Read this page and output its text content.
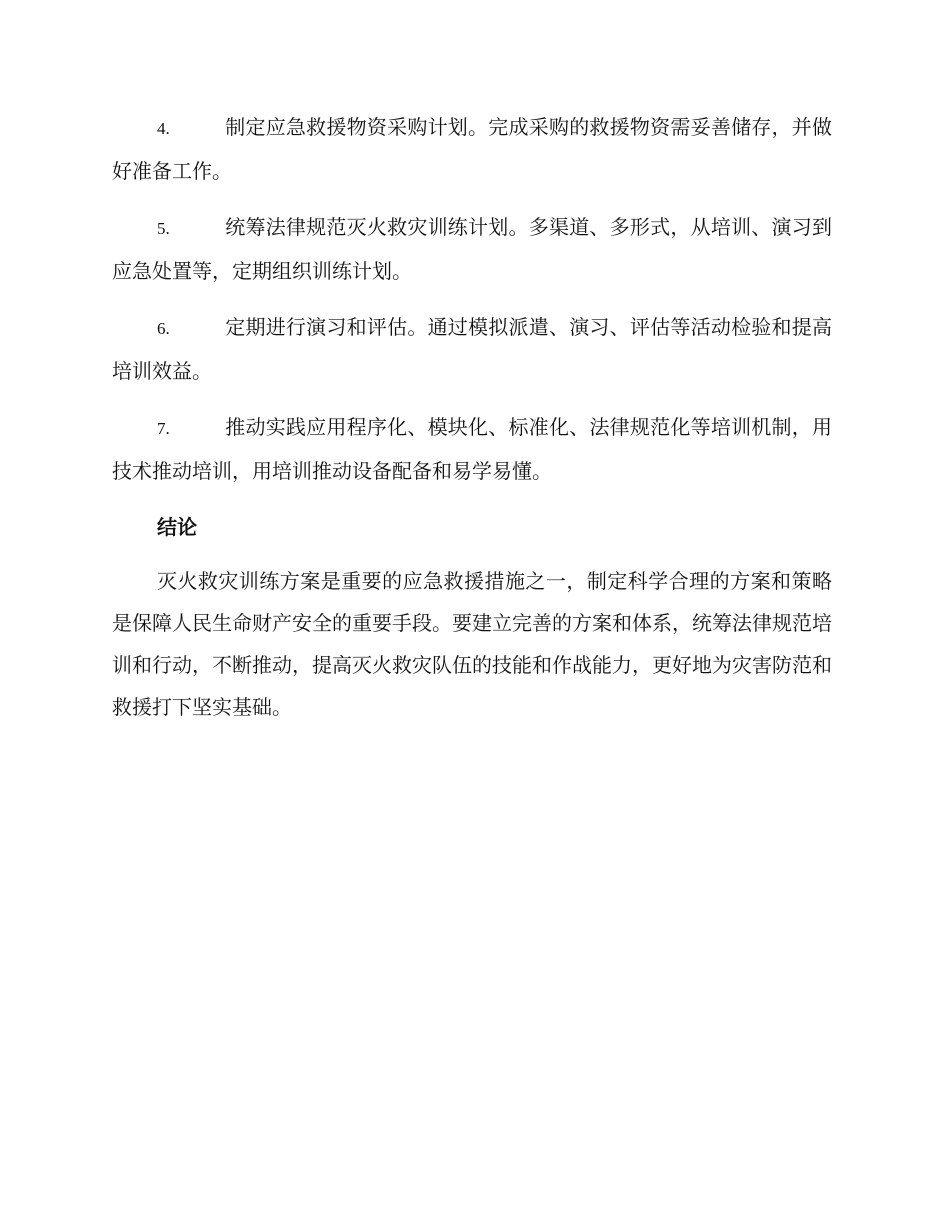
4.	制定应急救援物资采购计划。完成采购的救援物资需妥善储存，并做好准备工作。

5.	统筹法律规范灭火救灾训练计划。多渠道、多形式，从培训、演习到应急处置等，定期组织训练计划。

6.	定期进行演习和评估。通过模拟派遣、演习、评估等活动检验和提高培训效益。

7.	推动实践应用程序化、模块化、标准化、法律规范化等培训机制，用技术推动培训，用培训推动设备配备和易学易懂。

结论

灭火救灾训练方案是重要的应急救援措施之一，制定科学合理的方案和策略是保障人民生命财产安全的重要手段。要建立完善的方案和体系，统筹法律规范培训和行动，不断推动，提高灭火救灾队伍的技能和作战能力，更好地为灾害防范和救援打下坚实基础。
